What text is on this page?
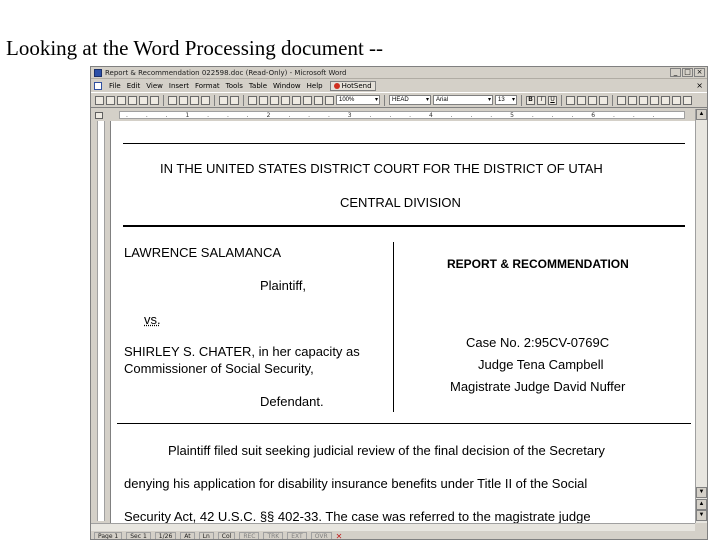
Looking at the Word Processing document --
Report & Recommendation 022598.doc (Read-Only) - Microsoft Word	_ □ ×
File Edit View Insert Format Tools Table Window Help	HotSend	×
100% ▾	HEAD ▾	Arial ▾	13 ▾	B	I	U
. . . 1 . . . 2 . . . 3 . . . 4 . . . 5 . . . 6 . . .
IN THE UNITED STATES DISTRICT COURT FOR THE DISTRICT OF UTAH
CENTRAL DIVISION
LAWRENCE SALAMANCA
Plaintiff,
vs.
SHIRLEY S. CHATER, in her capacity as
Commissioner of Social Security,
Defendant.
REPORT & RECOMMENDATION
Case No. 2:95CV-0769C
Judge Tena Campbell
Magistrate Judge David Nuffer
Plaintiff filed suit seeking judicial review of the final decision of the Secretary
denying his application for disability insurance benefits under Title II of the Social
Security Act, 42 U.S.C. §§ 402-33. The case was referred to the magistrate judge
▲
▼
▲
▼
Page 1	Sec 1	1/26	At	Ln	Col	REC	TRK	EXT	OVR	✕
